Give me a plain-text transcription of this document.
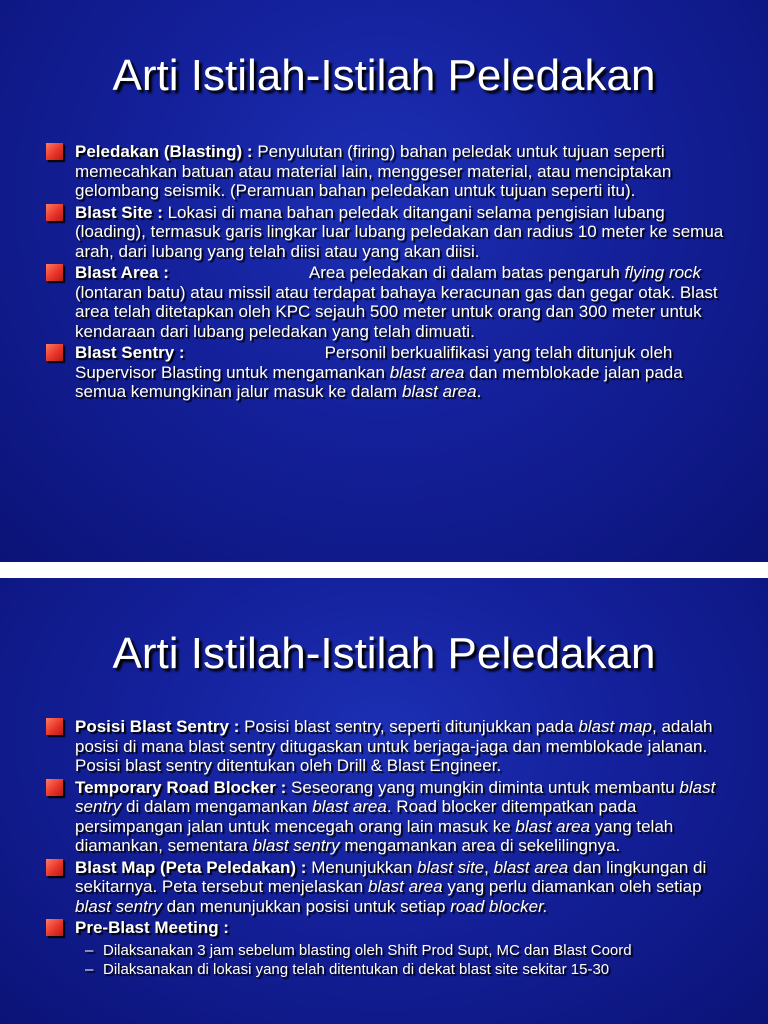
Arti Istilah-Istilah Peledakan
Peledakan (Blasting) : Penyulutan (firing) bahan peledak untuk tujuan seperti memecahkan batuan atau material lain, menggeser material, atau menciptakan gelombang seismik. (Peramuan bahan peledakan untuk tujuan seperti itu).
Blast Site : Lokasi di mana bahan peledak ditangani selama pengisian lubang (loading), termasuk garis lingkar luar lubang peledakan dan radius 10 meter ke semua arah, dari lubang yang telah diisi atau yang akan diisi.
Blast Area :	Area peledakan di dalam batas pengaruh flying rock (lontaran batu) atau missil atau terdapat bahaya keracunan gas dan gegar otak. Blast area telah ditetapkan oleh KPC sejauh 500 meter untuk orang dan 300 meter untuk kendaraan dari lubang peledakan yang telah dimuati.
Blast Sentry :	Personil berkualifikasi yang telah ditunjuk oleh Supervisor Blasting untuk mengamankan blast area dan memblokade jalan pada semua kemungkinan jalur masuk ke dalam blast area.
Arti Istilah-Istilah Peledakan
Posisi Blast Sentry : Posisi blast sentry, seperti ditunjukkan pada blast map, adalah posisi di mana blast sentry ditugaskan untuk berjaga-jaga dan memblokade jalanan. Posisi blast sentry ditentukan oleh Drill & Blast Engineer.
Temporary Road Blocker : Seseorang yang mungkin diminta untuk membantu blast sentry di dalam mengamankan blast area. Road blocker ditempatkan pada persimpangan jalan untuk mencegah orang lain masuk ke blast area yang telah diamankan, sementara blast sentry mengamankan area di sekelilingnya.
Blast Map (Peta Peledakan) : Menunjukkan blast site, blast area dan lingkungan di sekitarnya. Peta tersebut menjelaskan blast area yang perlu diamankan oleh setiap blast sentry dan menunjukkan posisi untuk setiap road blocker.
Pre-Blast Meeting :
– Dilaksanakan 3 jam sebelum blasting oleh Shift Prod Supt, MC dan Blast Coord
– Dilaksanakan di lokasi yang telah ditentukan di dekat blast site sekitar 15-30
